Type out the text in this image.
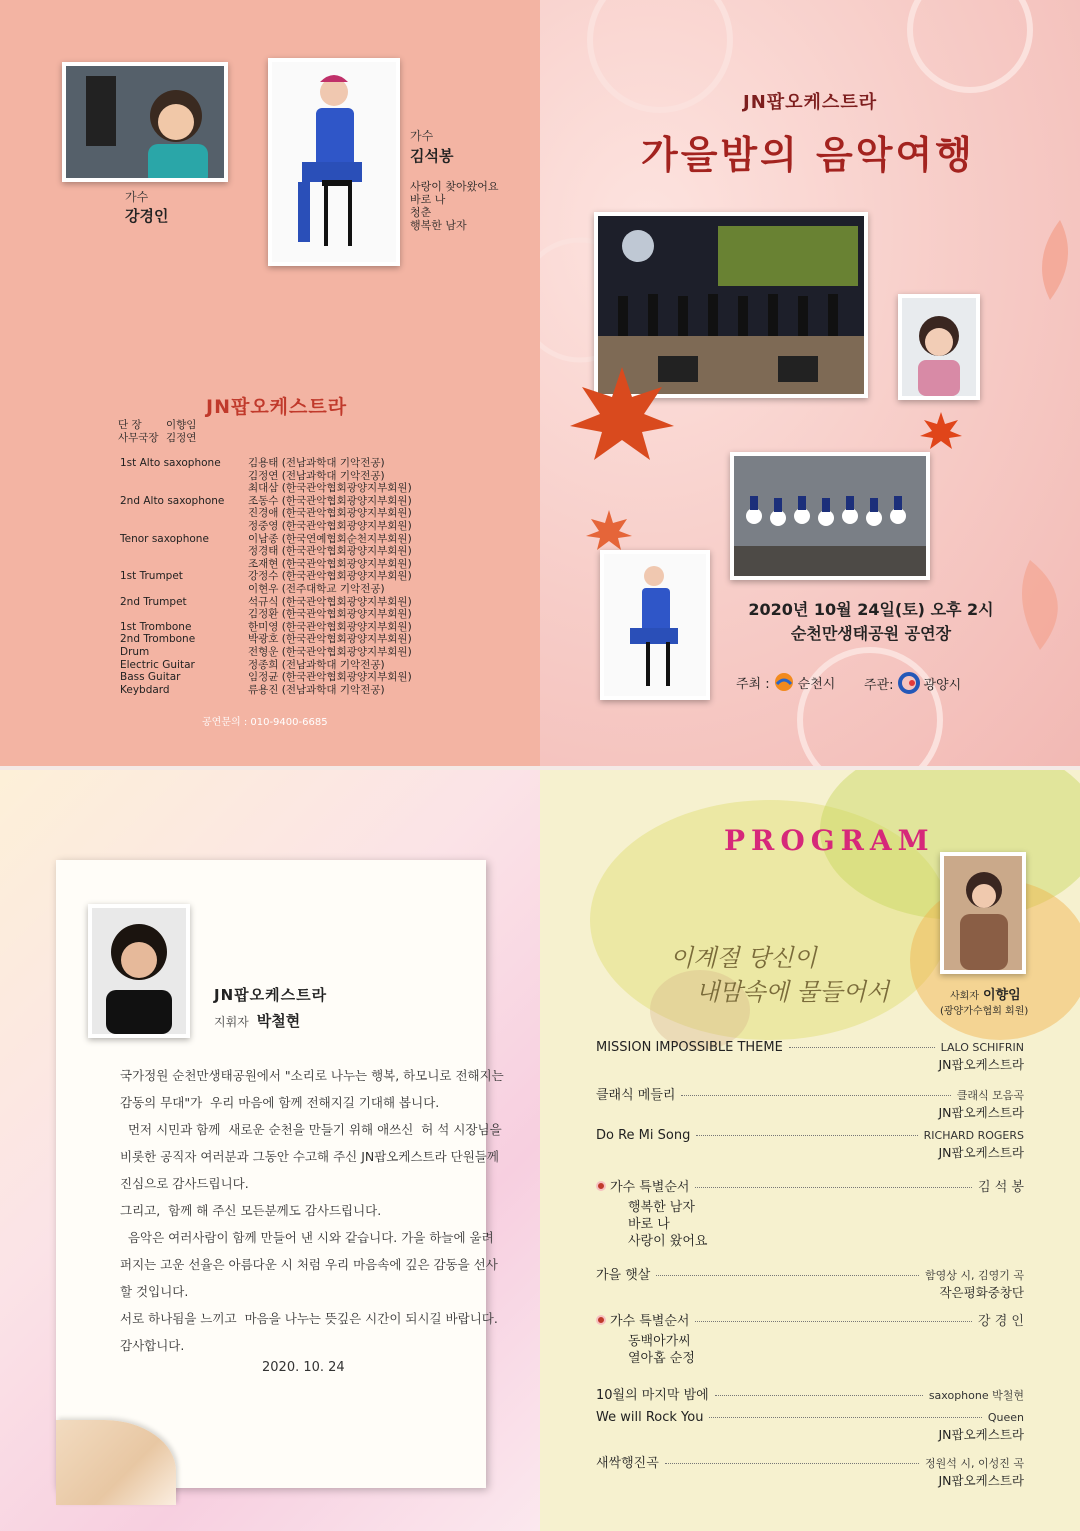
가수
강경인
가수
김석봉
사랑이 찾아왔어요
바로 나
청춘
행복한 남자
JN팝오케스트라
단 장	이향임
사무국장 김정연
1st Alto saxophone	김용태 (전남과학대 기악전공)
김정연 (전남과학대 기악전공)
최대삼 (한국관악협회광양지부회원)
2nd Alto saxophone	조동수 (한국관악협회광양지부회원)
진경애 (한국관악협회광양지부회원)
정중영 (한국관악협회광양지부회원)
Tenor saxophone	이남종 (한국연예협회순천지부회원)
정경태 (한국관악협회광양지부회원)
조재현 (한국관악협회광양지부회원)
1st Trumpet	강정수 (한국관악협회광양지부회원)
이현우 (전주대학교 기악전공)
2nd Trumpet	석규식 (한국관악협회광양지부회원)
김정환 (한국관악협회광양지부회원)
1st Trombone	한미영 (한국관악협회광양지부회원)
2nd Trombone	박광호 (한국관악협회광양지부회원)
Drum	전형운 (한국관악협회광양지부회원)
Electric Guitar	정종희 (전남과학대 기악전공)
Bass Guitar	임정균 (한국관악협회광양지부회원)
Keybdard	류용진 (전남과학대 기악전공)
공연문의 : 010-9400-6685
JN팝오케스트라
가을밤의 음악여행
2020년 10월 24일(토) 오후 2시
순천만생태공원 공연장
주최 : 순천시 주관: 광양시
JN팝오케스트라
지휘자 박철현
국가정원 순천만생태공원에서 "소리로 나누는 행복, 하모니로 전해지는
감동의 무대"가  우리 마음에 함께 전해지길 기대해 봅니다.
먼저 시민과 함께  새로운 순천을 만들기 위해 애쓰신  허 석 시장님을
비롯한 공직자 여러분과 그동안 수고해 주신 JN팝오케스트라 단원들께
진심으로 감사드립니다.
그리고,  함께 해 주신 모든분께도 감사드립니다.
음악은 여러사람이 함께 만들어 낸 시와 같습니다. 가을 하늘에 울려
퍼지는 고운 선율은 아름다운 시 처럼 우리 마음속에 깊은 감동을 선사
할 것입니다.
서로 하나됨을 느끼고  마음을 나누는 뜻깊은 시간이 되시길 바랍니다.
감사합니다.
2020. 10. 24
PROGRAM
이계절 당신이
내맘속에 물들어서	사회자 이향임
(광양가수협회 회원)
MISSION IMPOSSIBLE THEME	LALO SCHIFRIN
JN팝오케스트라
클래식 메들리	클래식 모음곡
JN팝오케스트라
Do Re Mi Song	RICHARD ROGERS
JN팝오케스트라
가수 특별순서	김 석 봉
행복한 남자
바로 나
사랑이 왔어요
가을 햇살	함영상 시, 김영기 곡
작은평화중창단
가수 특별순서	강 경 인
동백아가씨
열아홉 순정
10월의 마지막 밤에	saxophone 박철현
We will Rock You	Queen
JN팝오케스트라
새싹행진곡	정원석 시, 이성진 곡
JN팝오케스트라
